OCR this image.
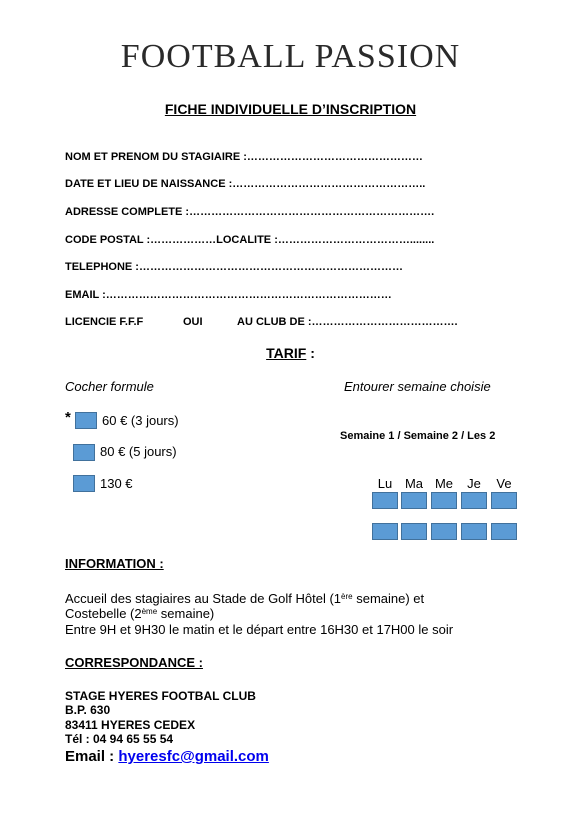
FOOTBALL PASSION
FICHE INDIVIDUELLE D’INSCRIPTION
NOM ET PRENOM DU STAGIAIRE :…………………………………………
DATE ET LIEU DE NAISSANCE :……………………………………………..
ADRESSE COMPLETE :………………………………………………………….
CODE POSTAL :………………LOCALITE :………………………………........
TELEPHONE :………………………………………………………………
EMAIL :……………………………………………………………………
LICENCIE F.F.F	OUI	AU CLUB DE :………………………………….
TARIF :
Cocher formule	Entourer semaine choisie
* 60 € (3 jours)
80 € (5 jours)
130 €
Semaine 1 / Semaine 2 / Les 2
Lu Ma Me	Je	Ve
INFORMATION :
Accueil des stagiaires au Stade de Golf Hôtel (1ère semaine) et
Costebelle (2ème semaine)
Entre 9H et 9H30 le matin et le départ entre 16H30 et 17H00 le soir
CORRESPONDANCE :
STAGE HYERES FOOTBAL CLUB
B.P. 630
83411 HYERES CEDEX
Tél : 04 94 65 55 54
Email : hyeresfc@gmail.com
